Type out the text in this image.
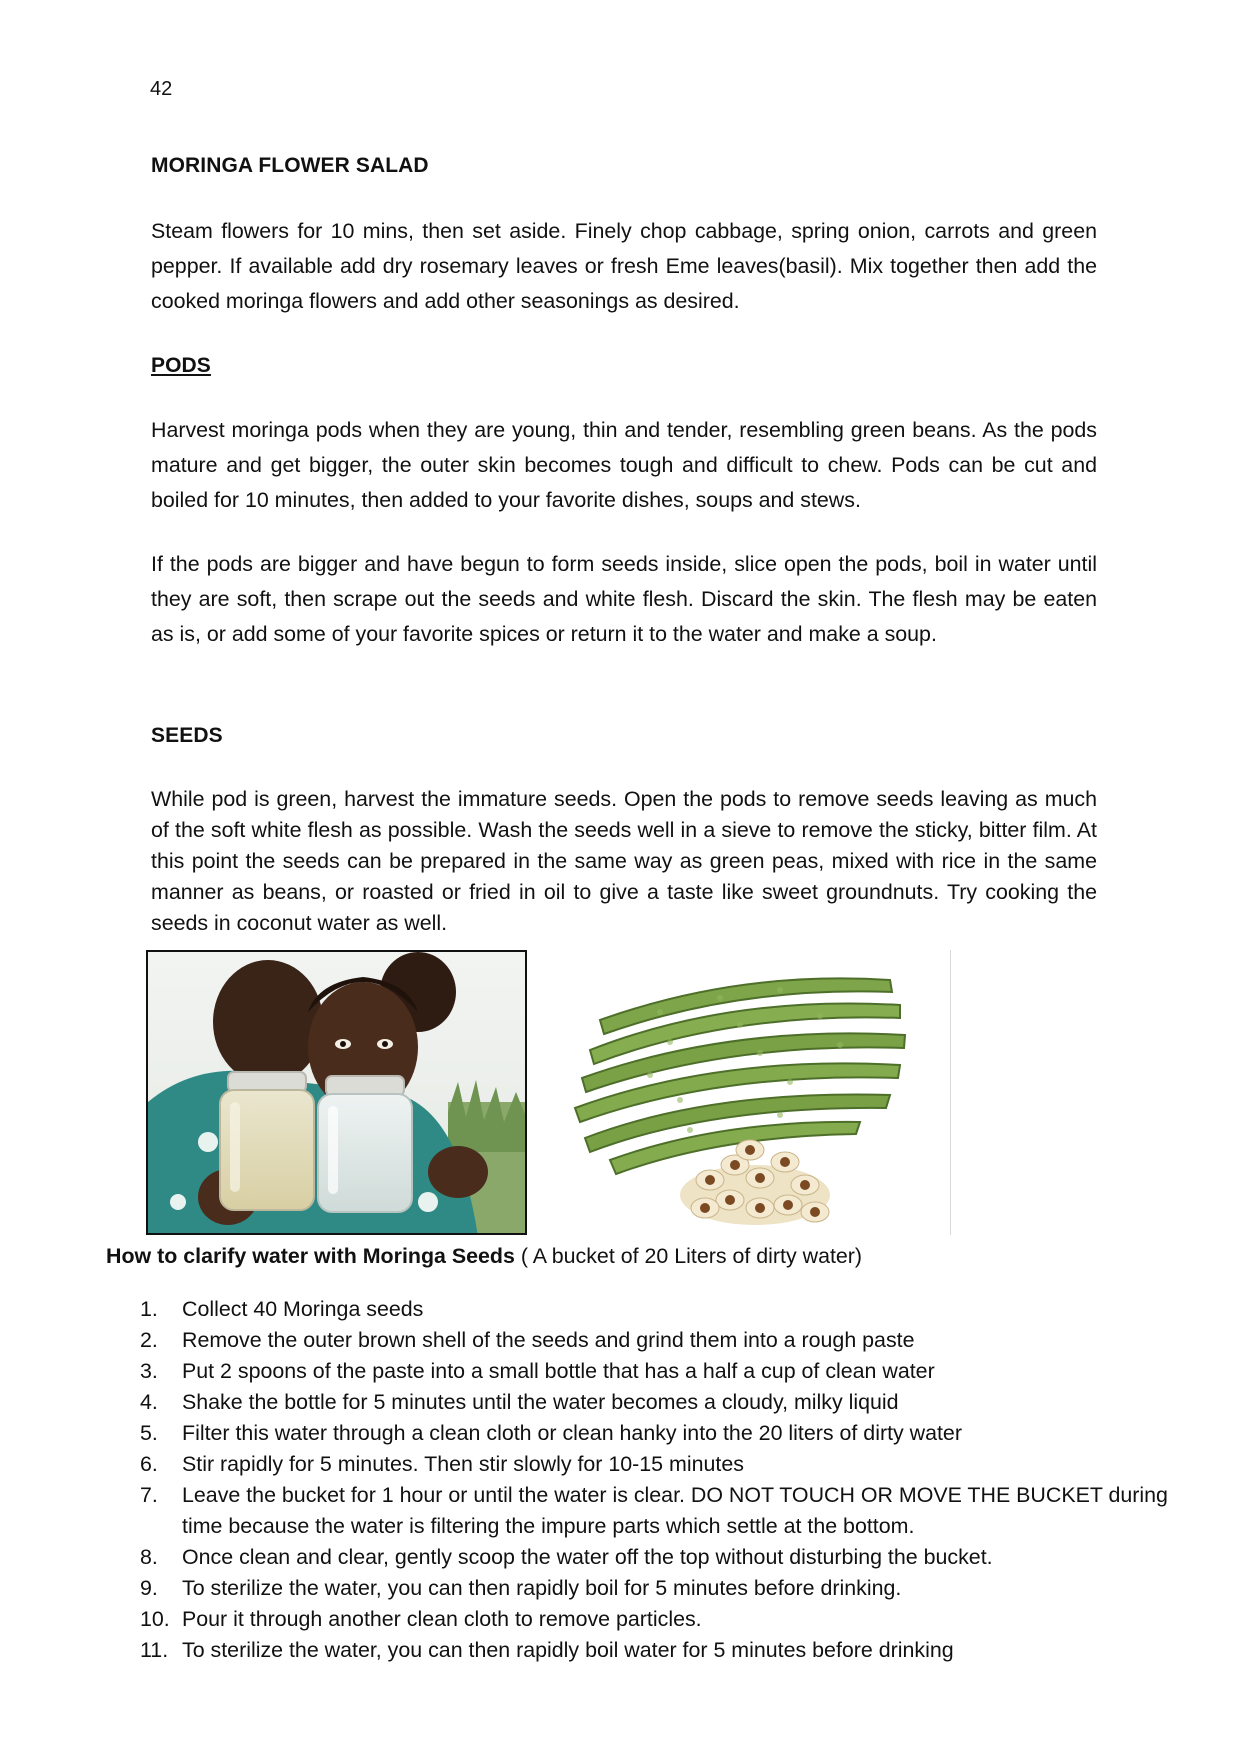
42
MORINGA FLOWER SALAD
Steam flowers for 10 mins, then set aside. Finely chop cabbage, spring onion, carrots and green pepper. If available add dry rosemary leaves or fresh Eme leaves(basil). Mix together then add the cooked moringa flowers and add other seasonings as desired.
PODS
Harvest moringa pods when they are young, thin and tender, resembling green beans. As the pods mature and get bigger, the outer skin becomes tough and difficult to chew. Pods can be cut and boiled for 10 minutes, then added to your favorite dishes, soups and stews.
If the pods are bigger and have begun to form seeds inside, slice open the pods, boil in water until they are soft, then scrape out the seeds and white flesh. Discard the skin. The flesh may be eaten as is, or add some of your favorite spices or return it to the water and make a soup.
SEEDS
While pod is green, harvest the immature seeds. Open the pods to remove seeds leaving as much of the soft white flesh as possible. Wash the seeds well in a sieve to remove the sticky, bitter film. At this point the seeds can be prepared in the same way as green peas, mixed with rice in the same manner as beans, or roasted or fried in oil to give a taste like sweet groundnuts. Try cooking the seeds in coconut water as well.
How to clarify water with Moringa Seeds ( A bucket of 20 Liters of dirty water)
1.	Collect 40 Moringa seeds
2.	Remove the outer brown shell of the seeds and grind them into a rough paste
3.	Put 2 spoons of the paste into a small bottle that has a half a cup of clean water
4.	Shake the bottle for 5 minutes until the water becomes a cloudy, milky liquid
5.	Filter this water through a clean cloth or clean hanky into the 20 liters of dirty water
6.	Stir rapidly for 5 minutes. Then stir slowly for 10-15 minutes
7.	Leave the bucket for 1 hour or until the water is clear. DO NOT TOUCH OR MOVE THE BUCKET during time because the water is filtering the impure parts which settle at the bottom.
8.	Once clean and clear, gently scoop the water off the top without disturbing the bucket.
9.	To sterilize the water, you can then rapidly boil for 5 minutes before drinking.
10. Pour it through another clean cloth to remove particles.
11. To sterilize the water, you can then rapidly boil water for 5 minutes before drinking
